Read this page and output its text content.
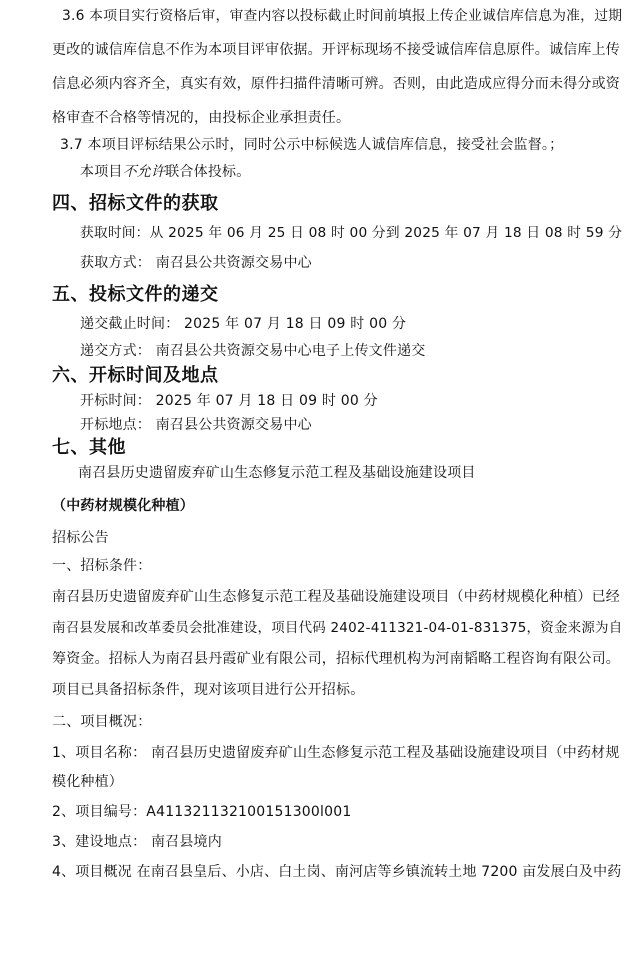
3.6 本项目实行资格后审，审查内容以投标截止时间前填报上传企业诚信库信息为准，过期
更改的诚信库信息不作为本项目评审依据。开评标现场不接受诚信库信息原件。诚信库上传
信息必须内容齐全，真实有效，原件扫描件清晰可辨。否则，由此造成应得分而未得分或资
格审查不合格等情况的，由投标企业承担责任。
3.7 本项目评标结果公示时，同时公示中标候选人诚信库信息，接受社会监督。；
本项目不允许联合体投标。
四、招标文件的获取
获取时间：从 2025 年 06 月 25 日 08 时 00 分到 2025 年 07 月 18 日 08 时 59 分
获取方式： 南召县公共资源交易中心
五、投标文件的递交
递交截止时间： 2025 年 07 月 18 日 09 时 00 分
递交方式： 南召县公共资源交易中心电子上传文件递交
六、开标时间及地点
开标时间： 2025 年 07 月 18 日 09 时 00 分
开标地点： 南召县公共资源交易中心
七、其他
南召县历史遗留废弃矿山生态修复示范工程及基础设施建设项目
（中药材规模化种植）
招标公告
一、招标条件：
南召县历史遗留废弃矿山生态修复示范工程及基础设施建设项目（中药材规模化种植）已经
南召县发展和改革委员会批准建设，项目代码 2402-411321-04-01-831375，资金来源为自
筹资金。招标人为南召县丹霞矿业有限公司，招标代理机构为河南韬略工程咨询有限公司。
项目已具备招标条件，现对该项目进行公开招标。
二、项目概况：
1、项目名称： 南召县历史遗留废弃矿山生态修复示范工程及基础设施建设项目（中药材规
模化种植）
2、项目编号：A411321132100151300l001
3、建设地点： 南召县境内
4、项目概况 在南召县皇后、小店、白土岗、南河店等乡镇流转土地 7200 亩发展白及中药
